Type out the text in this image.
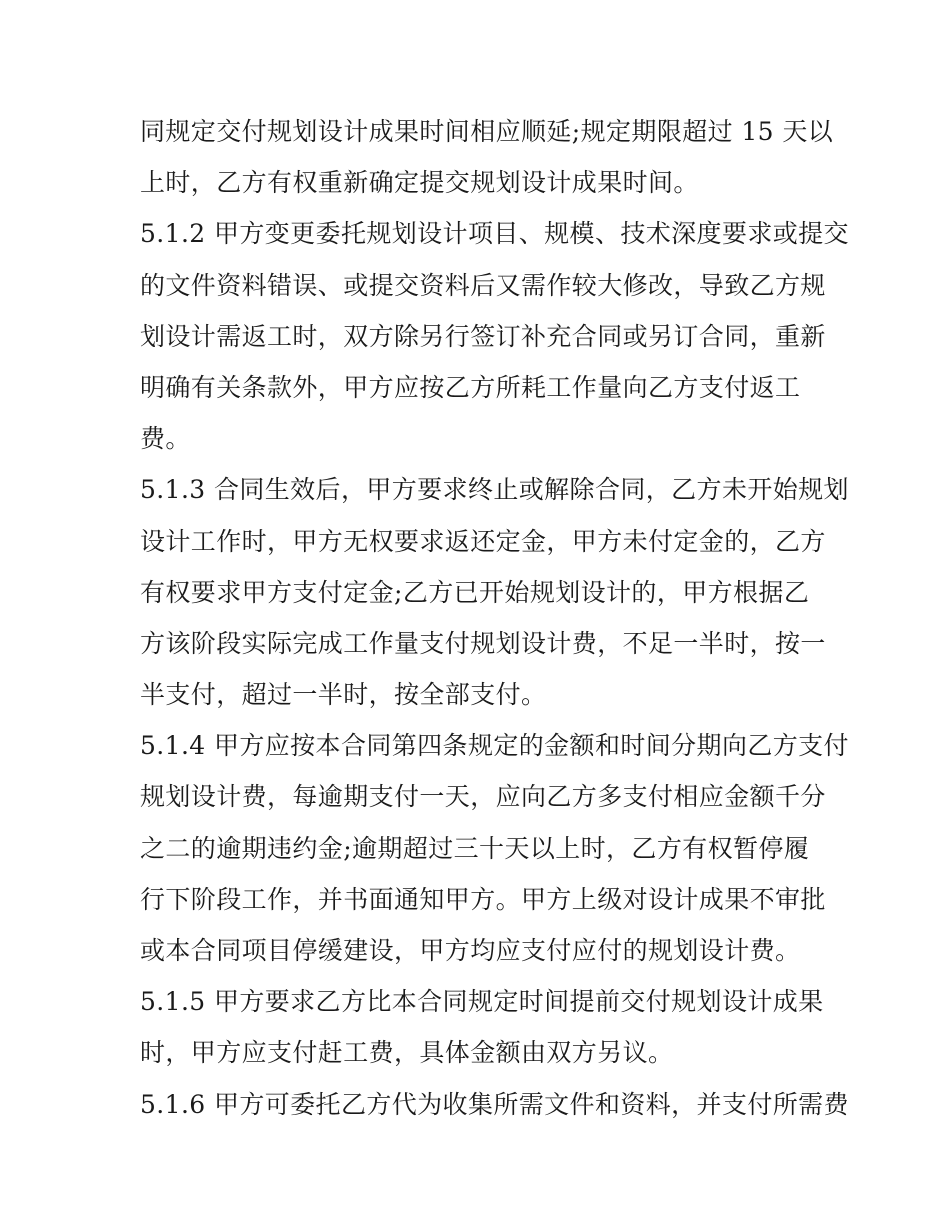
同规定交付规划设计成果时间相应顺延;规定期限超过 15 天以
上时，乙方有权重新确定提交规划设计成果时间。
5.1.2 甲方变更委托规划设计项目、规模、技术深度要求或提交
的文件资料错误、或提交资料后又需作较大修改，导致乙方规
划设计需返工时，双方除另行签订补充合同或另订合同，重新
明确有关条款外，甲方应按乙方所耗工作量向乙方支付返工
费。
5.1.3 合同生效后，甲方要求终止或解除合同，乙方未开始规划
设计工作时，甲方无权要求返还定金，甲方未付定金的，乙方
有权要求甲方支付定金;乙方已开始规划设计的，甲方根据乙
方该阶段实际完成工作量支付规划设计费，不足一半时，按一
半支付，超过一半时，按全部支付。
5.1.4 甲方应按本合同第四条规定的金额和时间分期向乙方支付
规划设计费，每逾期支付一天，应向乙方多支付相应金额千分
之二的逾期违约金;逾期超过三十天以上时，乙方有权暂停履
行下阶段工作，并书面通知甲方。甲方上级对设计成果不审批
或本合同项目停缓建设，甲方均应支付应付的规划设计费。
5.1.5 甲方要求乙方比本合同规定时间提前交付规划设计成果
时，甲方应支付赶工费，具体金额由双方另议。
5.1.6 甲方可委托乙方代为收集所需文件和资料，并支付所需费
